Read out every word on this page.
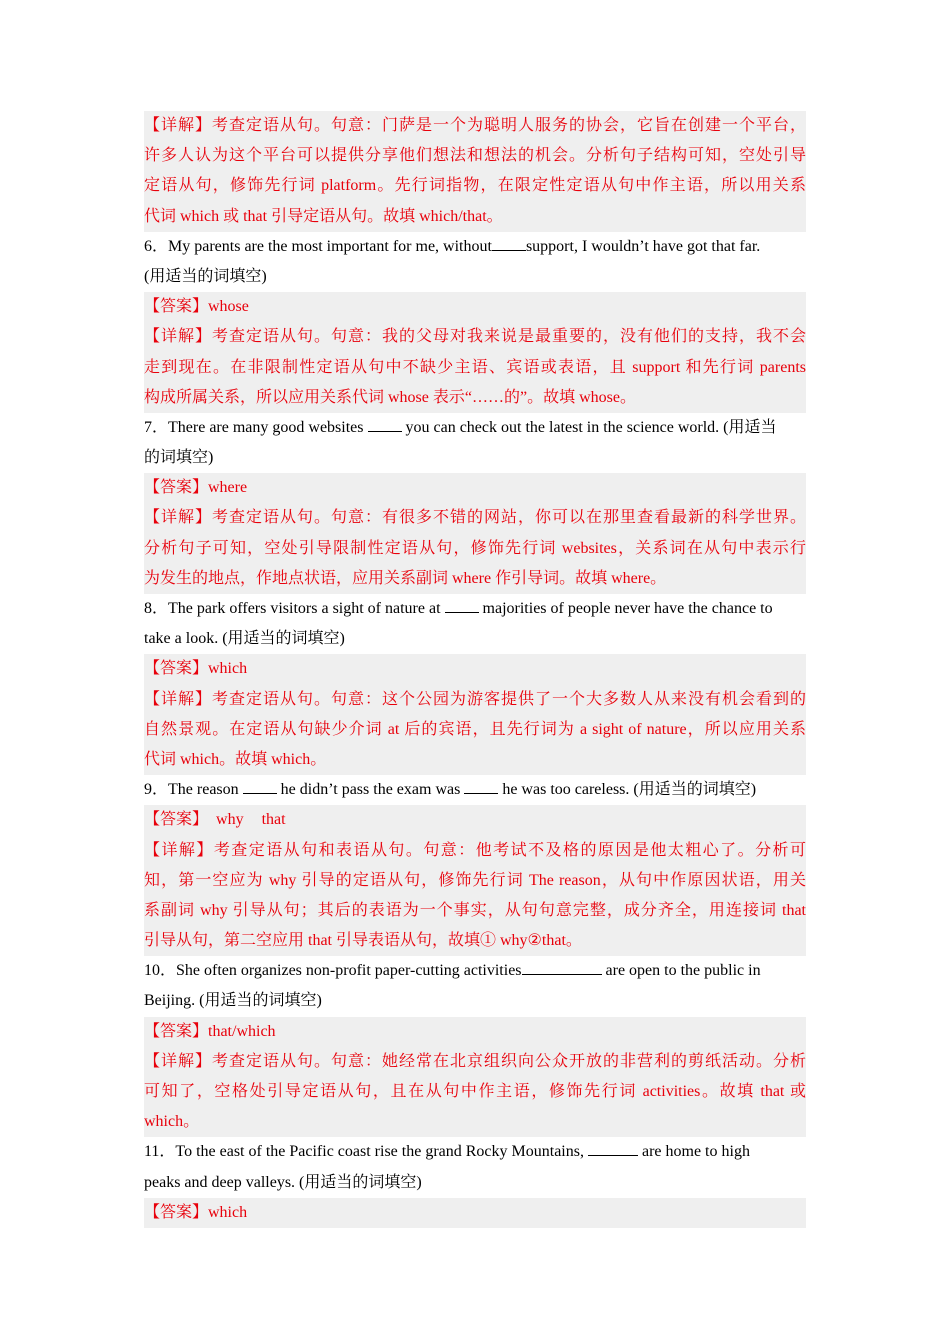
【详解】考查定语从句。句意：门萨是一个为聪明人服务的协会，它旨在创建一个平台，
许多人认为这个平台可以提供分享他们想法和想法的机会。分析句子结构可知，空处引导
定语从句，修饰先行词 platform。先行词指物，在限定性定语从句中作主语，所以用关系
代词 which 或 that 引导定语从句。故填 which/that。
6．My parents are the most important for me, without support, I wouldn’t have got that far.
(用适当的词填空)
【答案】whose
【详解】考查定语从句。句意：我的父母对我来说是最重要的，没有他们的支持，我不会
走到现在。在非限制性定语从句中不缺少主语、宾语或表语，且 support 和先行词 parents
构成所属关系，所以应用关系代词 whose 表示“……的”。故填 whose。
7．There are many good websites	you can check out the latest in the science world. (用适当
的词填空)
【答案】where
【详解】考查定语从句。句意：有很多不错的网站，你可以在那里查看最新的科学世界。
分析句子可知，空处引导限制性定语从句，修饰先行词 websites，关系词在从句中表示行
为发生的地点，作地点状语，应用关系副词 where 作引导词。故填 where。
8．The park offers visitors a sight of nature at	majorities of people never have the chance to
take a look. (用适当的词填空)
【答案】which
【详解】考查定语从句。句意：这个公园为游客提供了一个大多数人从来没有机会看到的
自然景观。在定语从句缺少介词 at 后的宾语，且先行词为 a sight of nature，所以应用关系
代词 which。故填 which。
9．The reason	he didn’t pass the exam was	he was too careless. (用适当的词填空)
【答案】 why that
【详解】考查定语从句和表语从句。句意：他考试不及格的原因是他太粗心了。分析可
知，第一空应为 why 引导的定语从句，修饰先行词 The reason，从句中作原因状语，用关
系副词 why 引导从句；其后的表语为一个事实，从句句意完整，成分齐全，用连接词 that
引导从句，第二空应用 that 引导表语从句，故填① why②that。
10．She often organizes non-profit paper-cutting activities	are open to the public in
Beijing. (用适当的词填空)
【答案】that/which
【详解】考查定语从句。句意：她经常在北京组织向公众开放的非营利的剪纸活动。分析
可知了，空格处引导定语从句，且在从句中作主语，修饰先行词 activities。故填 that 或
which。
11．To the east of the Pacific coast rise the grand Rocky Mountains,	are home to high
peaks and deep valleys. (用适当的词填空)
【答案】which
